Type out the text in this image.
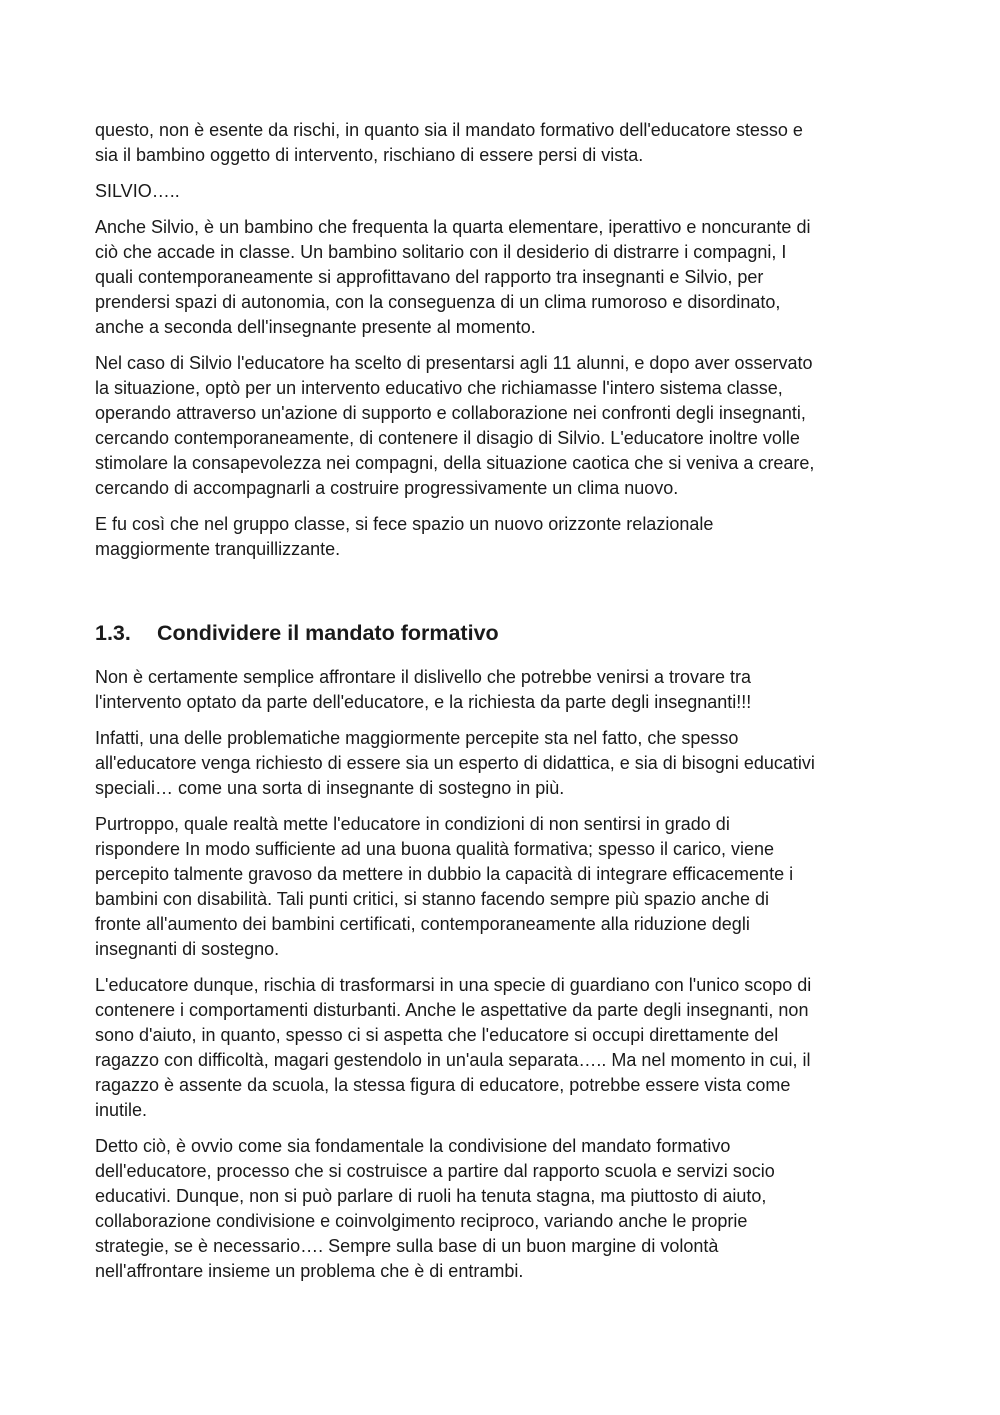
questo, non è esente da rischi, in quanto sia il mandato formativo dell'educatore stesso e
sia il bambino oggetto di intervento, rischiano di essere persi di vista.

SILVIO…..

Anche Silvio, è un bambino che frequenta la quarta elementare, iperattivo e noncurante di
ciò che accade in classe. Un bambino solitario con il desiderio di distrarre i compagni, I
quali contemporaneamente si approfittavano del rapporto tra insegnanti e Silvio, per
prendersi spazi di autonomia, con la conseguenza di un clima rumoroso e disordinato,
anche a seconda dell'insegnante presente al momento.

Nel caso di Silvio l'educatore ha scelto di presentarsi agli 11 alunni, e dopo aver osservato
la situazione, optò per un intervento educativo che richiamasse l'intero sistema classe,
operando attraverso un'azione di supporto e collaborazione nei confronti degli insegnanti,
cercando contemporaneamente, di contenere il disagio di Silvio. L'educatore inoltre volle
stimolare la consapevolezza nei compagni, della situazione caotica che si veniva a creare,
cercando di accompagnarli a costruire progressivamente un clima nuovo.

E fu così che nel gruppo classe, si fece spazio un nuovo orizzonte relazionale
maggiormente tranquillizzante.

1.3.	Condividere il mandato formativo

Non è certamente semplice affrontare il dislivello che potrebbe venirsi a trovare tra
l'intervento optato da parte dell'educatore, e la richiesta da parte degli insegnanti!!!

Infatti, una delle problematiche maggiormente percepite sta nel fatto, che spesso
all'educatore venga richiesto di essere sia un esperto di didattica, e sia di bisogni educativi
speciali… come una sorta di insegnante di sostegno in più.

Purtroppo, quale realtà mette l'educatore in condizioni di non sentirsi in grado di
rispondere In modo sufficiente ad una buona qualità formativa; spesso il carico, viene
percepito talmente gravoso da mettere in dubbio la capacità di integrare efficacemente i
bambini con disabilità. Tali punti critici, si stanno facendo sempre più spazio anche di
fronte all'aumento dei bambini certificati, contemporaneamente alla riduzione degli
insegnanti di sostegno.

L'educatore dunque, rischia di trasformarsi in una specie di guardiano con l'unico scopo di
contenere i comportamenti disturbanti. Anche le aspettative da parte degli insegnanti, non
sono d'aiuto, in quanto, spesso ci si aspetta che l'educatore si occupi direttamente del
ragazzo con difficoltà, magari gestendolo in un'aula separata….. Ma nel momento in cui, il
ragazzo è assente da scuola, la stessa figura di educatore, potrebbe essere vista come
inutile.

Detto ciò, è ovvio come sia fondamentale la condivisione del mandato formativo
dell'educatore, processo che si costruisce a partire dal rapporto scuola e servizi socio
educativi. Dunque, non si può parlare di ruoli ha tenuta stagna, ma piuttosto di aiuto,
collaborazione condivisione e coinvolgimento reciproco, variando anche le proprie
strategie, se è necessario…. Sempre sulla base di un buon margine di volontà
nell'affrontare insieme un problema che è di entrambi.
